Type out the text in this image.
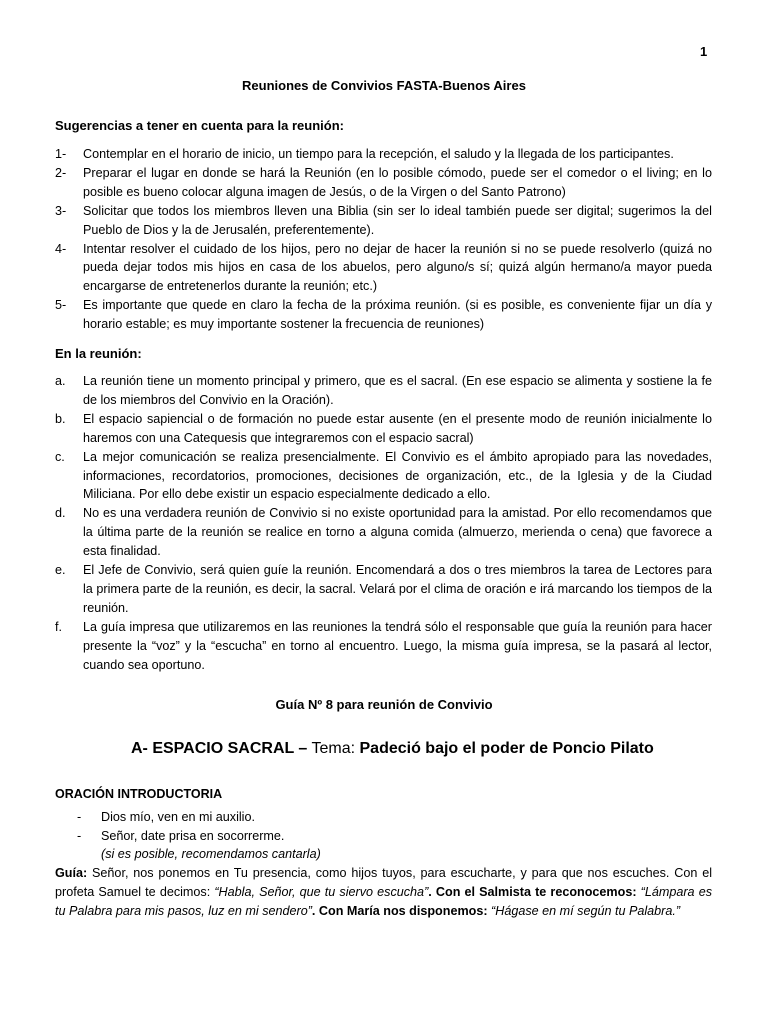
1
Reuniones de Convivios FASTA-Buenos Aires
Sugerencias a tener en cuenta para la reunión:
1- Contemplar en el horario de inicio, un tiempo para la recepción, el saludo y la llegada de los participantes.
2- Preparar el lugar en donde se hará la Reunión (en lo posible cómodo, puede ser el comedor o el living; en lo posible es bueno colocar alguna imagen de Jesús, o de la Virgen o del Santo Patrono)
3- Solicitar que todos los miembros lleven una Biblia (sin ser lo ideal también puede ser digital; sugerimos la del Pueblo de Dios y la de Jerusalén, preferentemente).
4- Intentar resolver el cuidado de los hijos, pero no dejar de hacer la reunión si no se puede resolverlo (quizá no pueda dejar todos mis hijos en casa de los abuelos, pero alguno/s sí; quizá algún hermano/a mayor pueda encargarse de entretenerlos durante la reunión; etc.)
5- Es importante que quede en claro la fecha de la próxima reunión. (si es posible, es conveniente fijar un día y horario estable; es muy importante sostener la frecuencia de reuniones)
En la reunión:
a. La reunión tiene un momento principal y primero, que es el sacral. (En ese espacio se alimenta y sostiene la fe de los miembros del Convivio en la Oración).
b. El espacio sapiencial o de formación no puede estar ausente (en el presente modo de reunión inicialmente lo haremos con una Catequesis que integraremos con el espacio sacral)
c. La mejor comunicación se realiza presencialmente. El Convivio es el ámbito apropiado para las novedades, informaciones, recordatorios, promociones, decisiones de organización, etc., de la Iglesia y de la Ciudad Miliciana. Por ello debe existir un espacio especialmente dedicado a ello.
d. No es una verdadera reunión de Convivio si no existe oportunidad para la amistad. Por ello recomendamos que la última parte de la reunión se realice en torno a alguna comida (almuerzo, merienda o cena) que favorece a esta finalidad.
e. El Jefe de Convivio, será quien guíe la reunión. Encomendará a dos o tres miembros la tarea de Lectores para la primera parte de la reunión, es decir, la sacral. Velará por el clima de oración e irá marcando los tiempos de la reunión.
f. La guía impresa que utilizaremos en las reuniones la tendrá sólo el responsable que guía la reunión para hacer presente la “voz” y la “escucha” en torno al encuentro. Luego, la misma guía impresa, se la pasará al lector, cuando sea oportuno.
Guía Nº 8 para reunión de Convivio
A- ESPACIO SACRAL – Tema: Padeció bajo el poder de Poncio Pilato
ORACIÓN INTRODUCTORIA
- Dios mío, ven en mi auxilio.
- Señor, date prisa en socorrerme.
(si es posible, recomendamos cantarla)
Guía: Señor, nos ponemos en Tu presencia, como hijos tuyos, para escucharte, y para que nos escuches. Con el profeta Samuel te decimos: “Habla, Señor, que tu siervo escucha”. Con el Salmista te reconocemos: “Lámpara es tu Palabra para mis pasos, luz en mi sendero”. Con María nos disponemos: “Hágase en mí según tu Palabra.”
